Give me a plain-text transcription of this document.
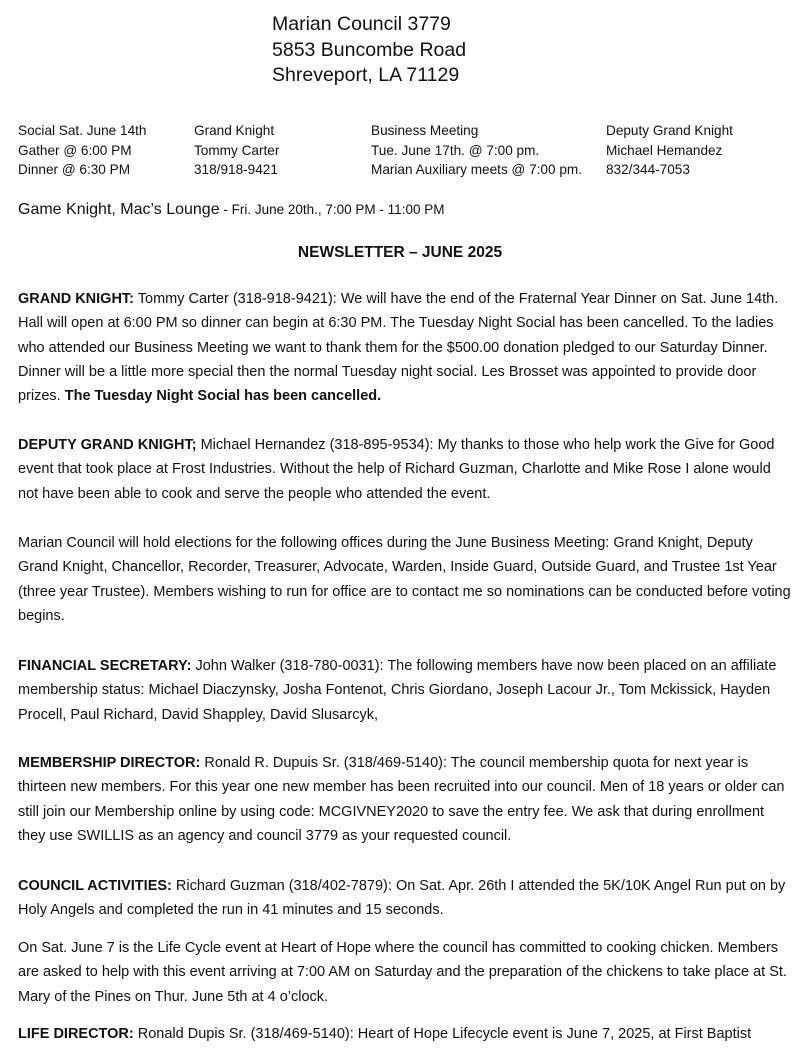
Marian Council 3779
5853 Buncombe Road
Shreveport, LA 71129
Social Sat. June 14th
Gather @ 6:00 PM
Dinner @ 6:30 PM
Grand Knight
Tommy Carter
318/918-9421
Business Meeting
Tue. June 17th. @ 7:00 pm.
Marian Auxiliary meets @ 7:00 pm.
Deputy Grand Knight
Michael Hemandez
832/344-7053
Game Knight, Mac’s Lounge - Fri. June 20th., 7:00 PM - 11:00 PM
NEWSLETTER – JUNE 2025
GRAND KNIGHT: Tommy Carter (318-918-9421): We will have the end of the Fraternal Year Dinner on Sat. June 14th. Hall will open at 6:00 PM so dinner can begin at 6:30 PM. The Tuesday Night Social has been cancelled. To the ladies who attended our Business Meeting we want to thank them for the $500.00 donation pledged to our Saturday Dinner. Dinner will be a little more special then the normal Tuesday night social. Les Brosset was appointed to provide door prizes. The Tuesday Night Social has been cancelled.
DEPUTY GRAND KNIGHT; Michael Hernandez (318-895-9534): My thanks to those who help work the Give for Good event that took place at Frost Industries. Without the help of Richard Guzman, Charlotte and Mike Rose I alone would not have been able to cook and serve the people who attended the event.
Marian Council will hold elections for the following offices during the June Business Meeting: Grand Knight, Deputy Grand Knight, Chancellor, Recorder, Treasurer, Advocate, Warden, Inside Guard, Outside Guard, and Trustee 1st Year (three year Trustee). Members wishing to run for office are to contact me so nominations can be conducted before voting begins.
FINANCIAL SECRETARY: John Walker (318-780-0031): The following members have now been placed on an affiliate membership status: Michael Diaczynsky, Josha Fontenot, Chris Giordano, Joseph Lacour Jr., Tom Mckissick, Hayden Procell, Paul Richard, David Shappley, David Slusarcyk,
MEMBERSHIP DIRECTOR: Ronald R. Dupuis Sr. (318/469-5140): The council membership quota for next year is thirteen new members. For this year one new member has been recruited into our council. Men of 18 years or older can still join our Membership online by using code: MCGIVNEY2020 to save the entry fee. We ask that during enrollment they use SWILLIS as an agency and council 3779 as your requested council.
COUNCIL ACTIVITIES: Richard Guzman (318/402-7879): On Sat. Apr. 26th I attended the 5K/10K Angel Run put on by Holy Angels and completed the run in 41 minutes and 15 seconds.
On Sat. June 7 is the Life Cycle event at Heart of Hope where the council has committed to cooking chicken. Members are asked to help with this event arriving at 7:00 AM on Saturday and the preparation of the chickens to take place at St. Mary of the Pines on Thur. June 5th at 4 o’clock.
LIFE DIRECTOR: Ronald Dupis Sr. (318/469-5140): Heart of Hope Lifecycle event is June 7, 2025, at First Baptist
